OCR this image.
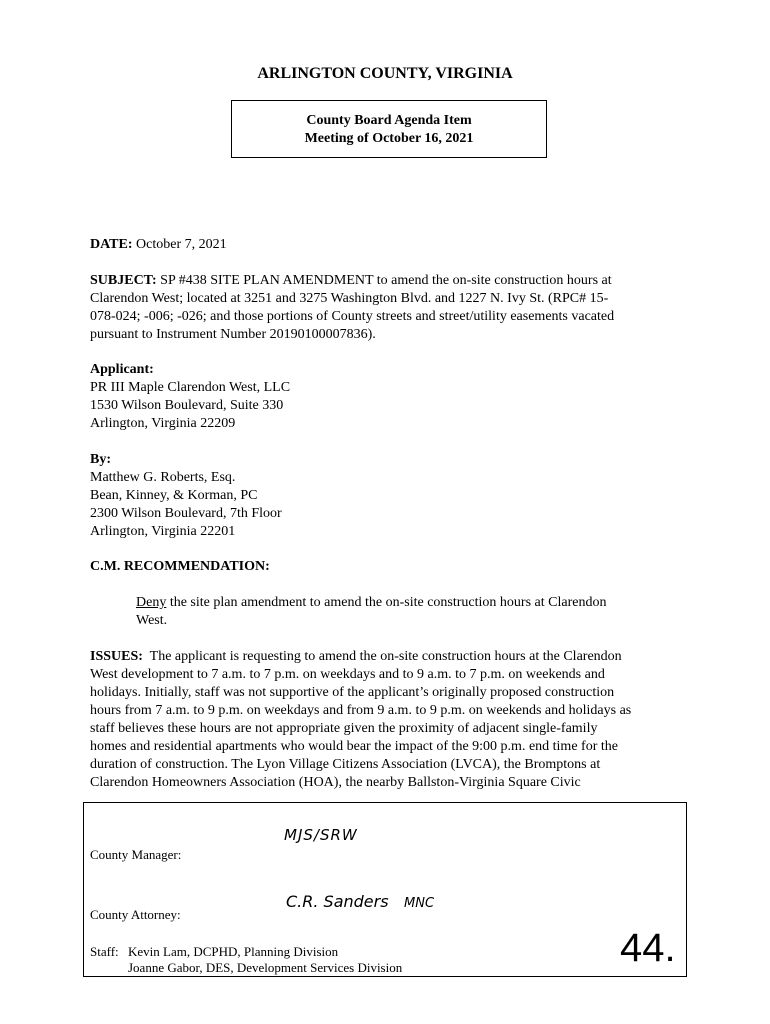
ARLINGTON COUNTY, VIRGINIA
County Board Agenda Item
Meeting of October 16, 2021
DATE: October 7, 2021
SUBJECT: SP #438 SITE PLAN AMENDMENT to amend the on-site construction hours at
Clarendon West; located at 3251 and 3275 Washington Blvd. and 1227 N. Ivy St. (RPC# 15-
078-024; -006; -026; and those portions of County streets and street/utility easements vacated
pursuant to Instrument Number 20190100007836).
Applicant:
PR III Maple Clarendon West, LLC
1530 Wilson Boulevard, Suite 330
Arlington, Virginia 22209
By:
Matthew G. Roberts, Esq.
Bean, Kinney, & Korman, PC
2300 Wilson Boulevard, 7th Floor
Arlington, Virginia 22201
C.M. RECOMMENDATION:
Deny the site plan amendment to amend the on-site construction hours at Clarendon
West.
ISSUES:  The applicant is requesting to amend the on-site construction hours at the Clarendon
West development to 7 a.m. to 7 p.m. on weekdays and to 9 a.m. to 7 p.m. on weekends and
holidays. Initially, staff was not supportive of the applicant’s originally proposed construction
hours from 7 a.m. to 9 p.m. on weekdays and from 9 a.m. to 9 p.m. on weekends and holidays as
staff believes these hours are not appropriate given the proximity of adjacent single-family
homes and residential apartments who would bear the impact of the 9:00 p.m. end time for the
duration of construction. The Lyon Village Citizens Association (LVCA), the Bromptons at
Clarendon Homeowners Association (HOA), the nearby Ballston-Virginia Square Civic
County Manager:
MJS/SRW
County Attorney:
C.R. Sanders MNC
Staff: Kevin Lam, DCPHD, Planning Division
Joanne Gabor, DES, Development Services Division	44.
